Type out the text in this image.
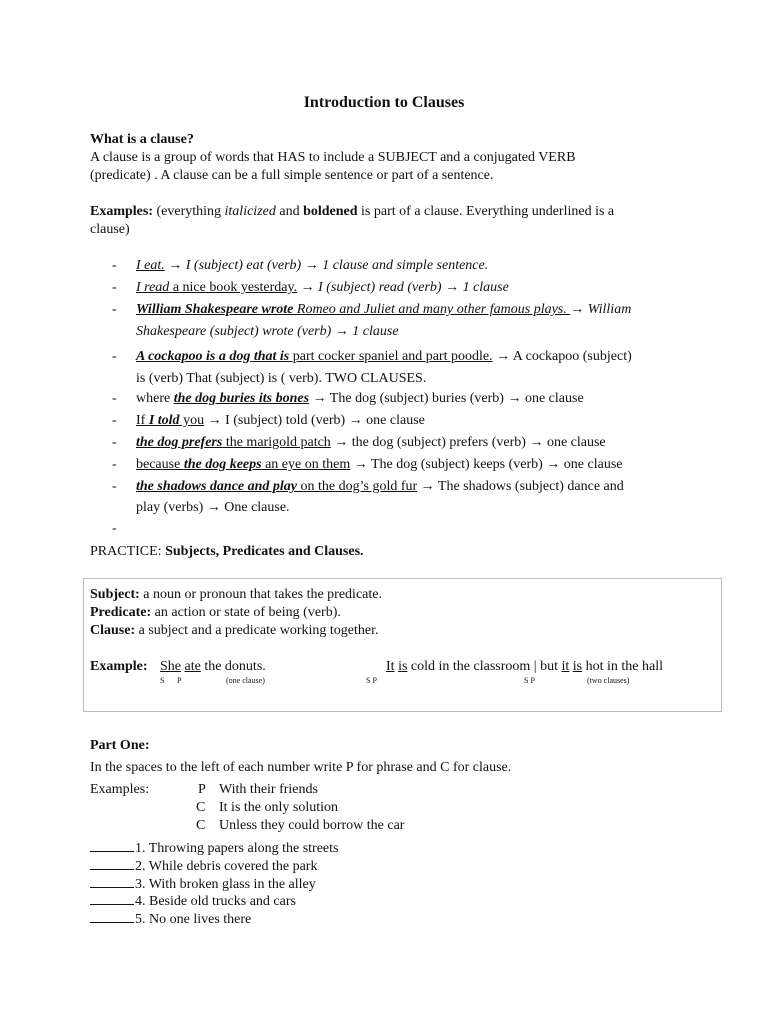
Introduction to Clauses
What is a clause?
A clause is a group of words that HAS to include a SUBJECT and a conjugated VERB
(predicate) . A clause can be a full simple sentence or part of a sentence.
Examples: (everything italicized and boldened is part of a clause. Everything underlined is a
clause)
- I eat. → I (subject) eat (verb) → 1 clause and simple sentence.
- I read a nice book yesterday. → I (subject) read (verb) → 1 clause
- William Shakespeare wrote Romeo and Juliet and many other famous plays. → William
Shakespeare (subject) wrote (verb) → 1 clause
- A cockapoo is a dog that is part cocker spaniel and part poodle. → A cockapoo (subject)
is (verb) That (subject) is ( verb). TWO CLAUSES.
- where the dog buries its bones → The dog (subject) buries (verb) → one clause
- If I told you → I (subject) told (verb) → one clause
- the dog prefers the marigold patch → the dog (subject) prefers (verb) → one clause
- because the dog keeps an eye on them → The dog (subject) keeps (verb) → one clause
- the shadows dance and play on the dog’s gold fur → The shadows (subject) dance and
play (verbs) → One clause.
-
PRACTICE: Subjects, Predicates and Clauses.
Subject: a noun or pronoun that takes the predicate.
Predicate: an action or state of being (verb).
Clause: a subject and a predicate working together.
Example: She ate the donuts.
S P	(one clause)
It is cold in the classroom | but it is hot in the hall
S P	S P	(two clauses)
Part One:
In the spaces to the left of each number write P for phrase and C for clause.
Examples:	P With their friends
C It is the only solution
C Unless they could borrow the car
1. Throwing papers along the streets
2. While debris covered the park
3. With broken glass in the alley
4. Beside old trucks and cars
5. No one lives there
